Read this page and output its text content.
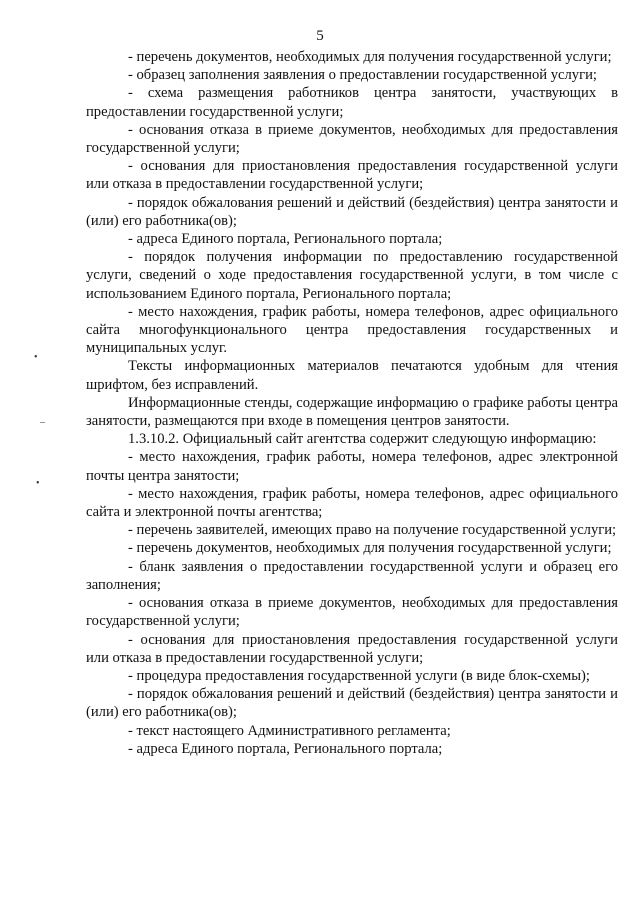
5
•
–
•

- перечень документов, необходимых для получения государственной услуги;

- образец заполнения заявления о предоставлении государственной услуги;

- схема размещения работников центра занятости, участвующих в предоставлении государственной услуги;

- основания отказа в приеме документов, необходимых для предоставления государственной услуги;

- основания для приостановления предоставления государственной услуги или отказа в предоставлении государственной услуги;

- порядок обжалования решений и действий (бездействия) центра занятости и (или) его работника(ов);

- адреса Единого портала, Регионального портала;

- порядок получения информации по предоставлению государственной услуги, сведений о ходе предоставления государственной услуги, в том числе с использованием Единого портала, Регионального портала;

- место нахождения, график работы, номера телефонов, адрес официального сайта многофункционального центра предоставления государственных и муниципальных услуг.

Тексты информационных материалов печатаются удобным для чтения шрифтом, без исправлений.

Информационные стенды, содержащие информацию о графике работы центра занятости, размещаются при входе в помещения центров занятости.

1.3.10.2. Официальный сайт агентства содержит следующую информацию:

- место нахождения, график работы, номера телефонов, адрес электронной почты центра занятости;

- место нахождения, график работы, номера телефонов, адрес официального сайта и электронной почты агентства;

- перечень заявителей, имеющих право на получение государственной услуги;

- перечень документов, необходимых для получения государственной услуги;

- бланк заявления о предоставлении государственной услуги и образец его заполнения;

- основания отказа в приеме документов, необходимых для предоставления государственной услуги;

- основания для приостановления предоставления государственной услуги или отказа в предоставлении государственной услуги;

- процедура предоставления государственной услуги (в виде блок-схемы);

- порядок обжалования решений и действий (бездействия) центра занятости и (или) его работника(ов);

- текст настоящего Административного регламента;

- адреса Единого портала, Регионального портала;
